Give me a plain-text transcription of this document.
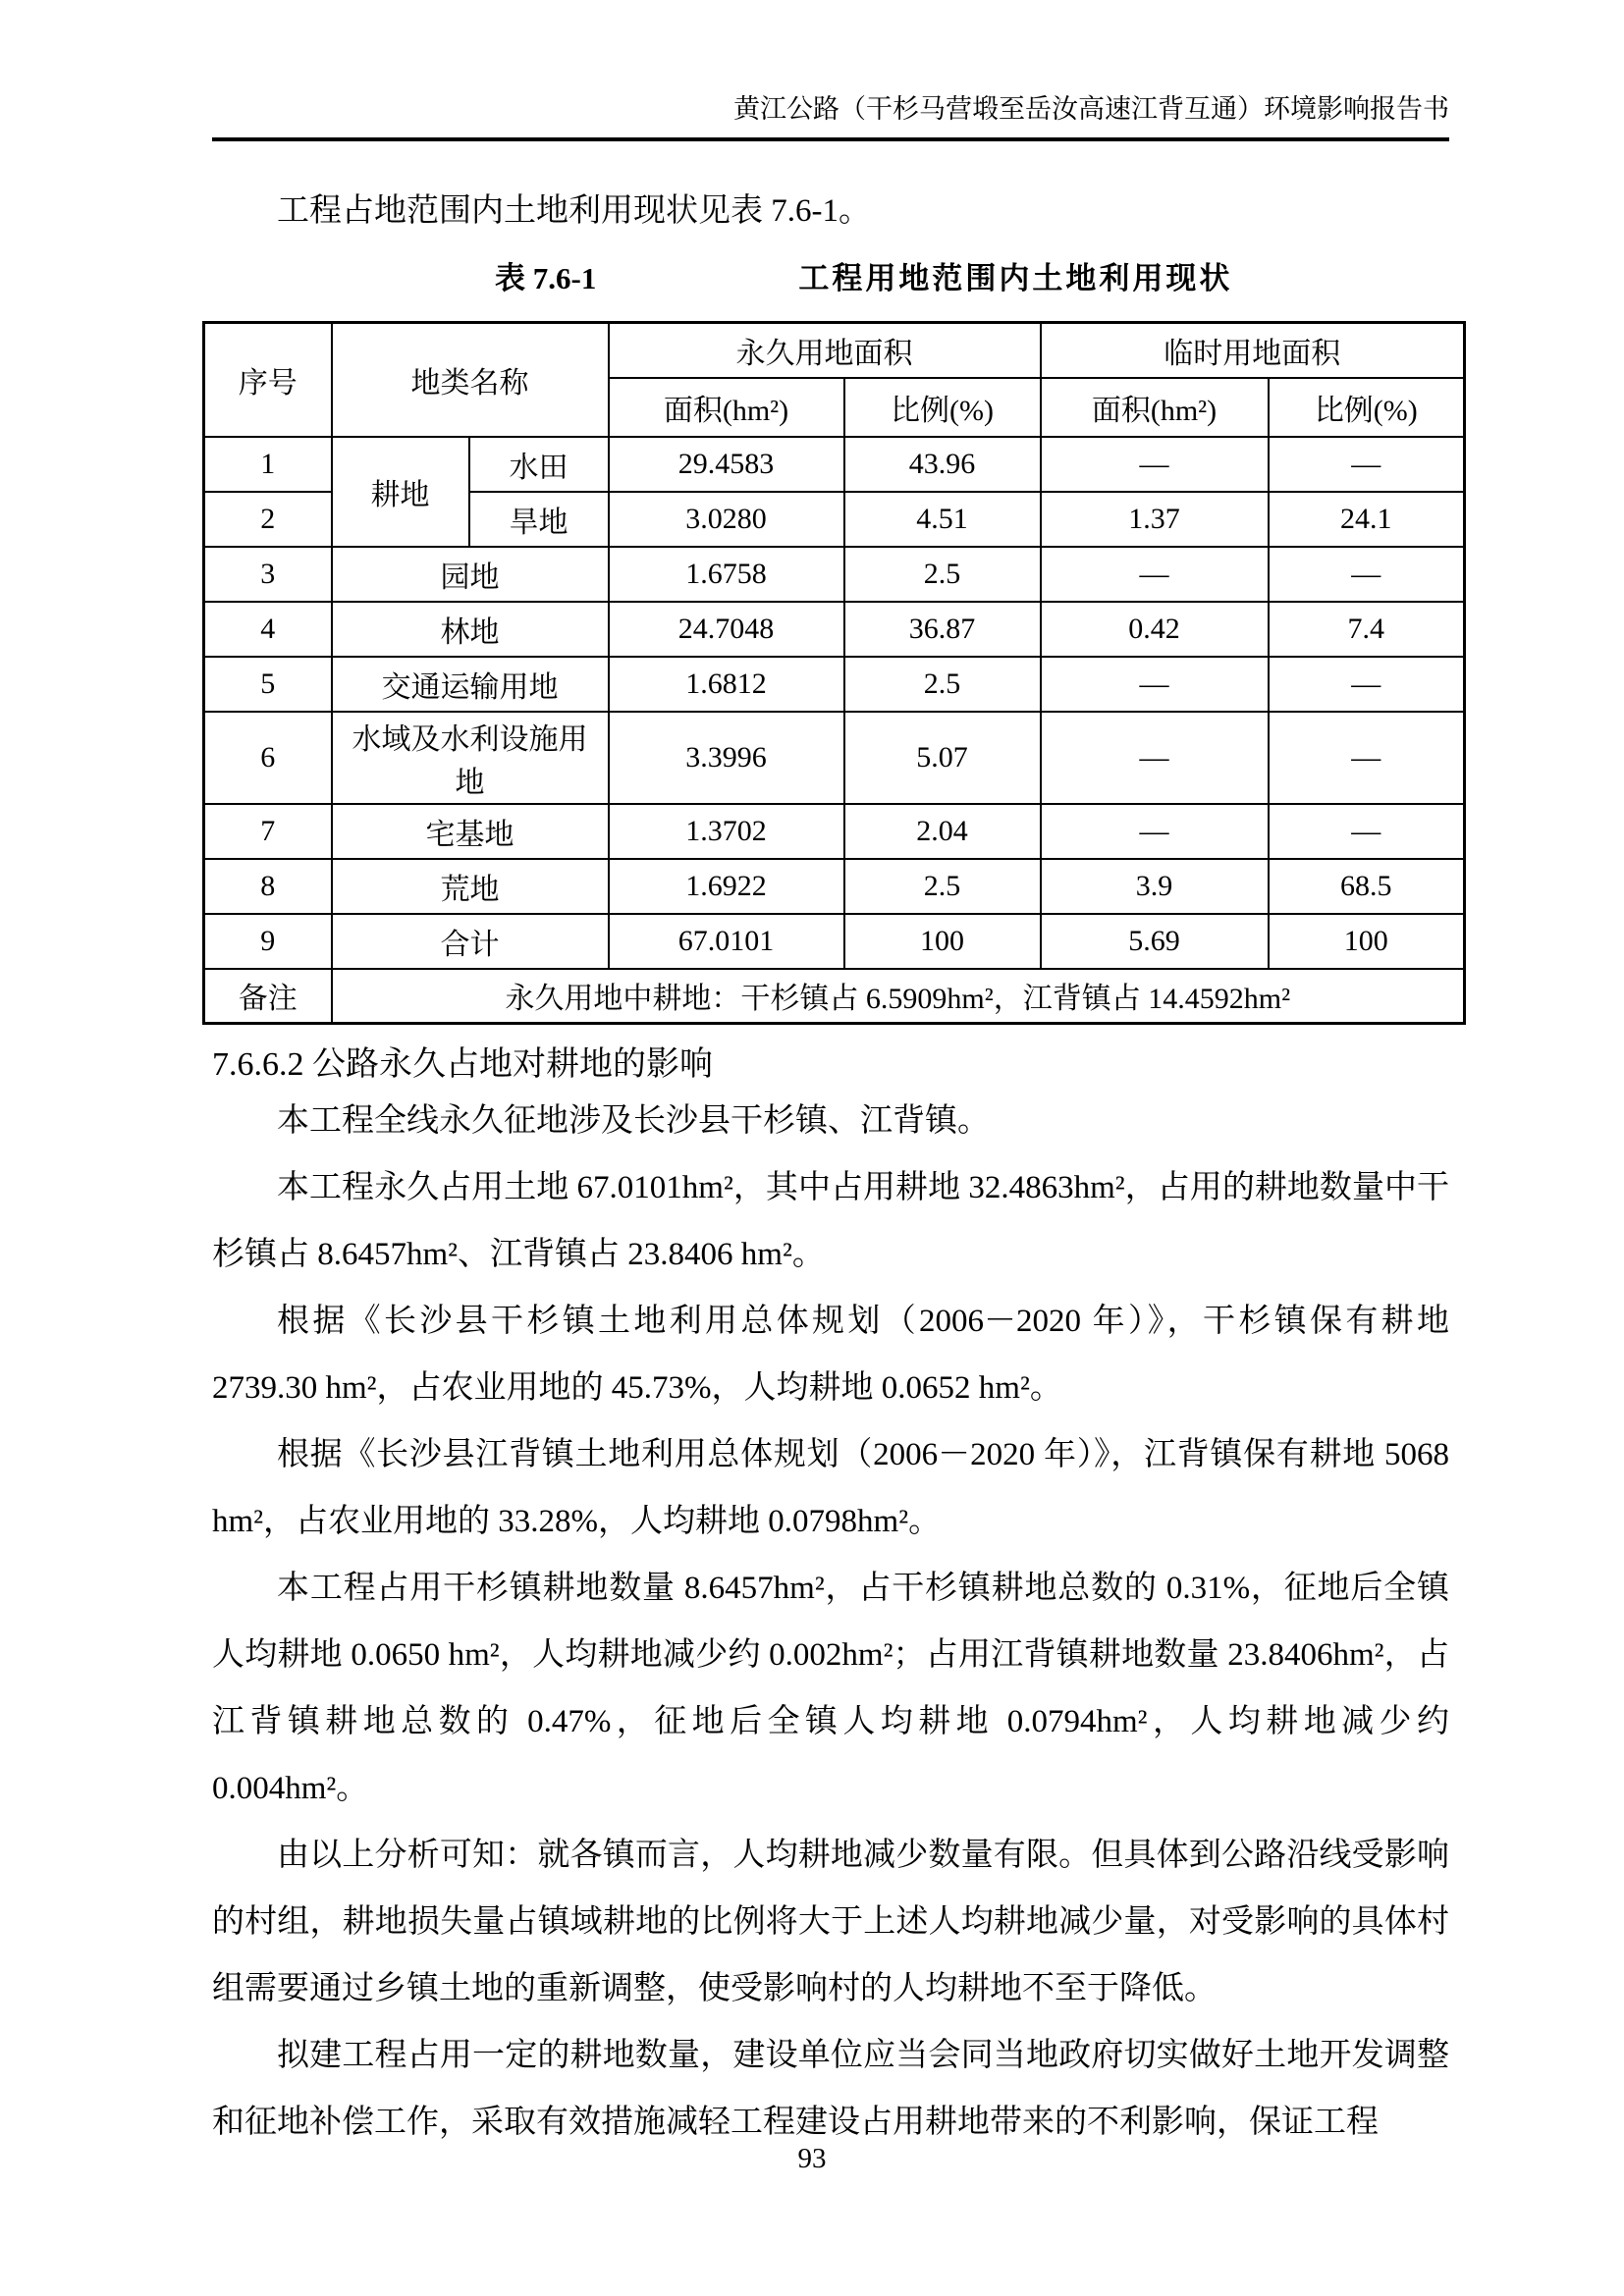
黄江公路（干杉马营塅至岳汝高速江背互通）环境影响报告书

工程占地范围内土地利用现状见表 7.6-1。

表 7.6-1	工程用地范围内土地利用现状
序号	地类名称		永久用地面积		临时用地面积	
			面积(hm²)	比例(%)	面积(hm²)	比例(%)
1	耕地	水田	29.4583	43.96	—	—
2		旱地	3.0280	4.51	1.37	24.1
3	园地		1.6758	2.5	—	—
4	林地		24.7048	36.87	0.42	7.4
5	交通运输用地		1.6812	2.5	—	—
6	水域及水利设施用地		3.3996	5.07	—	—
7	宅基地		1.3702	2.04	—	—
8	荒地		1.6922	2.5	3.9	68.5
9	合计		67.0101	100	5.69	100
备注	永久用地中耕地：干杉镇占 6.5909hm²，江背镇占 14.4592hm²					
7.6.6.2 公路永久占地对耕地的影响

本工程全线永久征地涉及长沙县干杉镇、江背镇。

本工程永久占用土地 67.0101hm²，其中占用耕地 32.4863hm²，占用的耕地数量中干杉镇占 8.6457hm²、江背镇占 23.8406 hm²。

根据《长沙县干杉镇土地利用总体规划（2006－2020 年）》，干杉镇保有耕地 2739.30 hm²，占农业用地的 45.73%，人均耕地 0.0652 hm²。

根据《长沙县江背镇土地利用总体规划（2006－2020 年）》，江背镇保有耕地 5068 hm²，占农业用地的 33.28%，人均耕地 0.0798hm²。

本工程占用干杉镇耕地数量 8.6457hm²，占干杉镇耕地总数的 0.31%，征地后全镇人均耕地 0.0650 hm²，人均耕地减少约 0.002hm²；占用江背镇耕地数量 23.8406hm²，占江背镇耕地总数的 0.47%，征地后全镇人均耕地 0.0794hm²，人均耕地减少约 0.004hm²。

由以上分析可知：就各镇而言，人均耕地减少数量有限。但具体到公路沿线受影响的村组，耕地损失量占镇域耕地的比例将大于上述人均耕地减少量，对受影响的具体村组需要通过乡镇土地的重新调整，使受影响村的人均耕地不至于降低。

拟建工程占用一定的耕地数量，建设单位应当会同当地政府切实做好土地开发调整和征地补偿工作，采取有效措施减轻工程建设占用耕地带来的不利影响，保证工程

93
